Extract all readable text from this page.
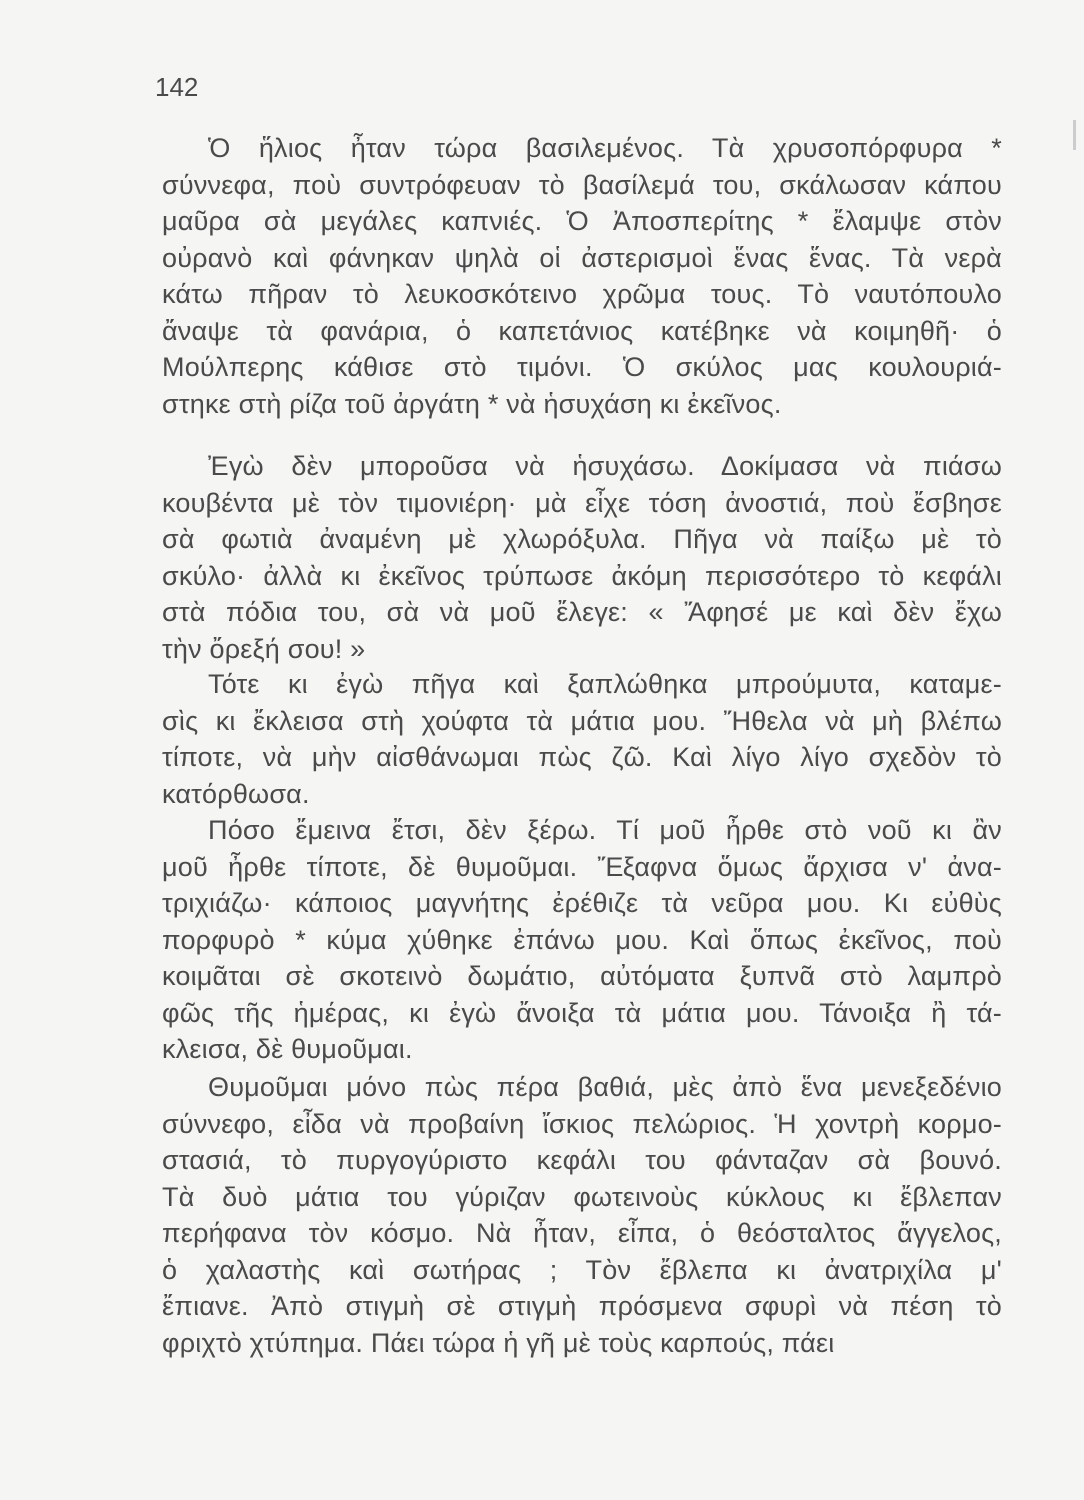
142
Ὁ ἥλιος ἦταν τώρα βασιλεμένος. Τὰ χρυσοπόρφυρα *
σύννεφα, ποὺ συντρόφευαν τὸ βασίλεμά του, σκάλωσαν κάπου
μαῦρα σὰ μεγάλες καπνιές. Ὁ Ἀποσπερίτης * ἔλαμψε στὸν
οὐρανὸ καὶ φάνηκαν ψηλὰ οἱ ἀστερισμοὶ ἕνας ἕνας. Τὰ νερὰ
κάτω πῆραν τὸ λευκοσκότεινο χρῶμα τους. Τὸ ναυτόπουλο
ἄναψε τὰ φανάρια, ὁ καπετάνιος κατέβηκε νὰ κοιμηθῆ· ὁ
Μούλπερης κάθισε στὸ τιμόνι. Ὁ σκύλος μας κουλουριά-
στηκε στὴ ρίζα τοῦ ἀργάτη * νὰ ἡσυχάση κι ἐκεῖνος.
Ἐγὼ δὲν μποροῦσα νὰ ἡσυχάσω. Δοκίμασα νὰ πιάσω
κουβέντα μὲ τὸν τιμονιέρη· μὰ εἶχε τόση ἀνοστιά, ποὺ ἔσβησε
σὰ φωτιὰ ἀναμένη μὲ χλωρόξυλα. Πῆγα νὰ παίξω μὲ τὸ
σκύλο· ἀλλὰ κι ἐκεῖνος τρύπωσε ἀκόμη περισσότερο τὸ κεφάλι
στὰ πόδια του, σὰ νὰ μοῦ ἔλεγε: « Ἄφησέ με καὶ δὲν ἔχω
τὴν ὄρεξή σου! »
Τότε κι ἐγὼ πῆγα καὶ ξαπλώθηκα μπρούμυτα, καταμε-
σὶς κι ἔκλεισα στὴ χούφτα τὰ μάτια μου. Ἤθελα νὰ μὴ βλέπω
τίποτε, νὰ μὴν αἰσθάνωμαι πὼς ζῶ. Καὶ λίγο λίγο σχεδὸν τὸ
κατόρθωσα.
Πόσο ἔμεινα ἔτσι, δὲν ξέρω. Τί μοῦ ἦρθε στὸ νοῦ κι ἂν
μοῦ ἦρθε τίποτε, δὲ θυμοῦμαι. Ἔξαφνα ὅμως ἄρχισα ν' ἀνα-
τριχιάζω· κάποιος μαγνήτης ἐρέθιζε τὰ νεῦρα μου. Κι εὐθὺς
πορφυρὸ * κύμα χύθηκε ἐπάνω μου. Καὶ ὅπως ἐκεῖνος, ποὺ
κοιμᾶται σὲ σκοτεινὸ δωμάτιο, αὐτόματα ξυπνᾶ στὸ λαμπρὸ
φῶς τῆς ἡμέρας, κι ἐγὼ ἄνοιξα τὰ μάτια μου. Τάνοιξα ἢ τά-
κλεισα, δὲ θυμοῦμαι.
Θυμοῦμαι μόνο πὼς πέρα βαθιά, μὲς ἀπὸ ἕνα μενεξεδένιο
σύννεφο, εἶδα νὰ προβαίνη ἴσκιος πελώριος. Ἡ χοντρὴ κορμο-
στασιά, τὸ πυργογύριστο κεφάλι του φάνταζαν σὰ βουνό.
Τὰ δυὸ μάτια του γύριζαν φωτεινοὺς κύκλους κι ἔβλεπαν
περήφανα τὸν κόσμο. Νὰ ἦταν, εἶπα, ὁ θεόσταλτος ἄγγελος,
ὁ χαλαστὴς καὶ σωτήρας ; Τὸν ἔβλεπα κι ἀνατριχίλα μ'
ἔπιανε. Ἀπὸ στιγμὴ σὲ στιγμὴ πρόσμενα σφυρὶ νὰ πέση τὸ
φριχτὸ χτύπημα. Πάει τώρα ἡ γῆ μὲ τοὺς καρπούς, πάει
